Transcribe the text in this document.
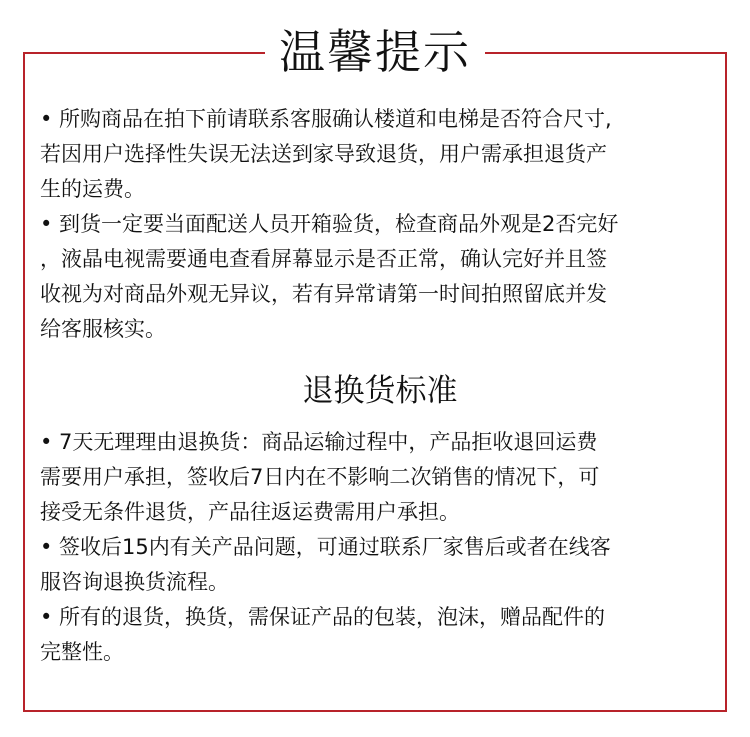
温馨提示

• 所购商品在拍下前请联系客服确认楼道和电梯是否符合尺寸,
若因用户选择性失误无法送到家导致退货，用户需承担退货产
生的运费。

• 到货一定要当面配送人员开箱验货，检查商品外观是2否完好
，液晶电视需要通电查看屏幕显示是否正常，确认完好并且签
收视为对商品外观无异议，若有异常请第一时间拍照留底并发
给客服核实。

退换货标准

• 7天无理理由退换货：商品运输过程中，产品拒收退回运费
需要用户承担，签收后7日内在不影响二次销售的情况下，可
接受无条件退货，产品往返运费需用户承担。

• 签收后15内有关产品问题，可通过联系厂家售后或者在线客
服咨询退换货流程。

• 所有的退货，换货，需保证产品的包装，泡沫，赠品配件的
完整性。
